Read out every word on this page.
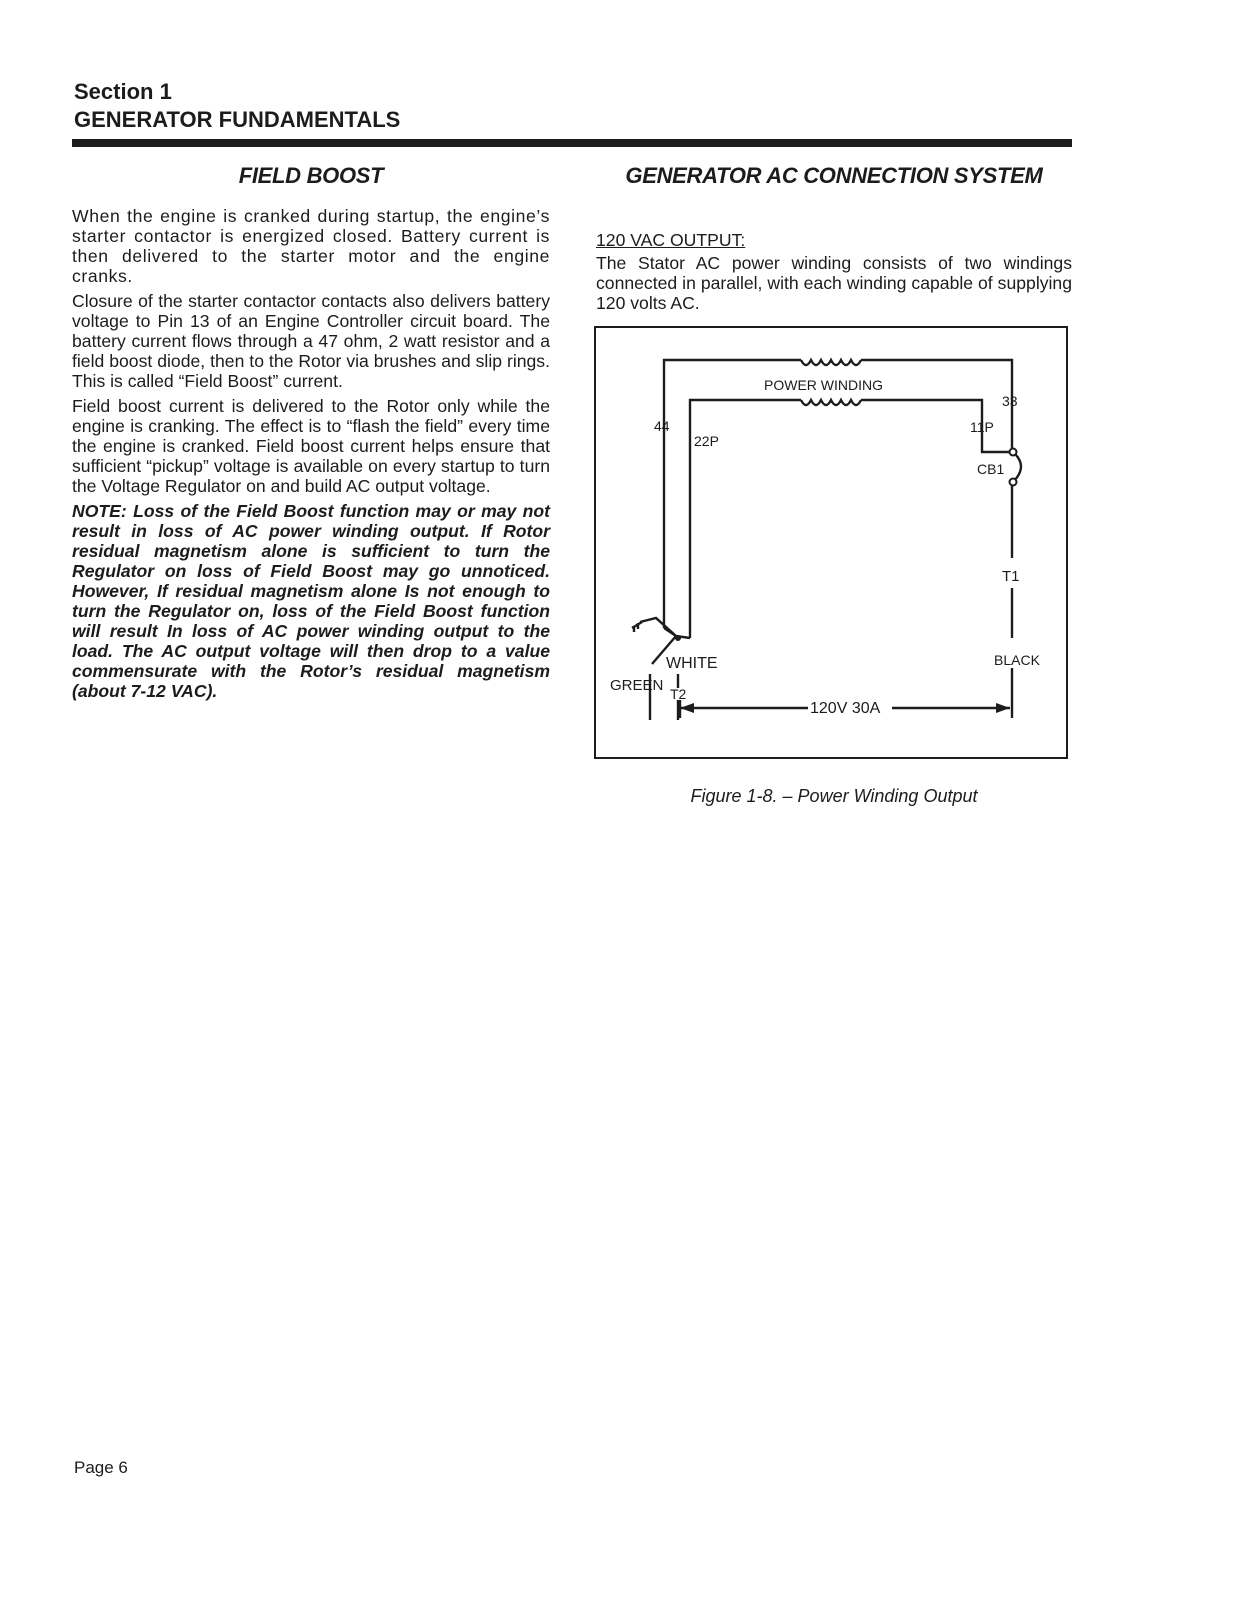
Section 1
GENERATOR FUNDAMENTALS
FIELD BOOST

When the engine is cranked during startup, the engine’s starter contactor is energized closed. Battery current is then delivered to the starter motor and the engine cranks.

Closure of the starter contactor contacts also delivers battery voltage to Pin 13 of an Engine Controller circuit board. The battery current flows through a 47 ohm, 2 watt resistor and a field boost diode, then to the Rotor via brushes and slip rings. This is called “Field Boost” current.

Field boost current is delivered to the Rotor only while the engine is cranking. The effect is to “flash the field” every time the engine is cranked. Field boost current helps ensure that sufficient “pickup” voltage is available on every startup to turn the Voltage Regulator on and build AC output voltage.

NOTE: Loss of the Field Boost function may or may not result in loss of AC power winding output. If Rotor residual magnetism alone is sufficient to turn the Regulator on loss of Field Boost may go unnoticed. However, If residual magnetism alone Is not enough to turn the Regulator on, loss of the Field Boost function will result In loss of AC power winding output to the load. The AC output voltage will then drop to a value commensurate with the Rotor’s residual magnetism (about 7-12 VAC).

GENERATOR AC CONNECTION SYSTEM
120 VAC OUTPUT:

The Stator AC power winding consists of two windings connected in parallel, with each winding capable of supplying 120 volts AC.

POWER WINDING
44
22P
33
11P
CB1
T1
BLACK
WHITE
GREEN T2
120V 30A
Figure 1-8. – Power Winding Output
Page 6
